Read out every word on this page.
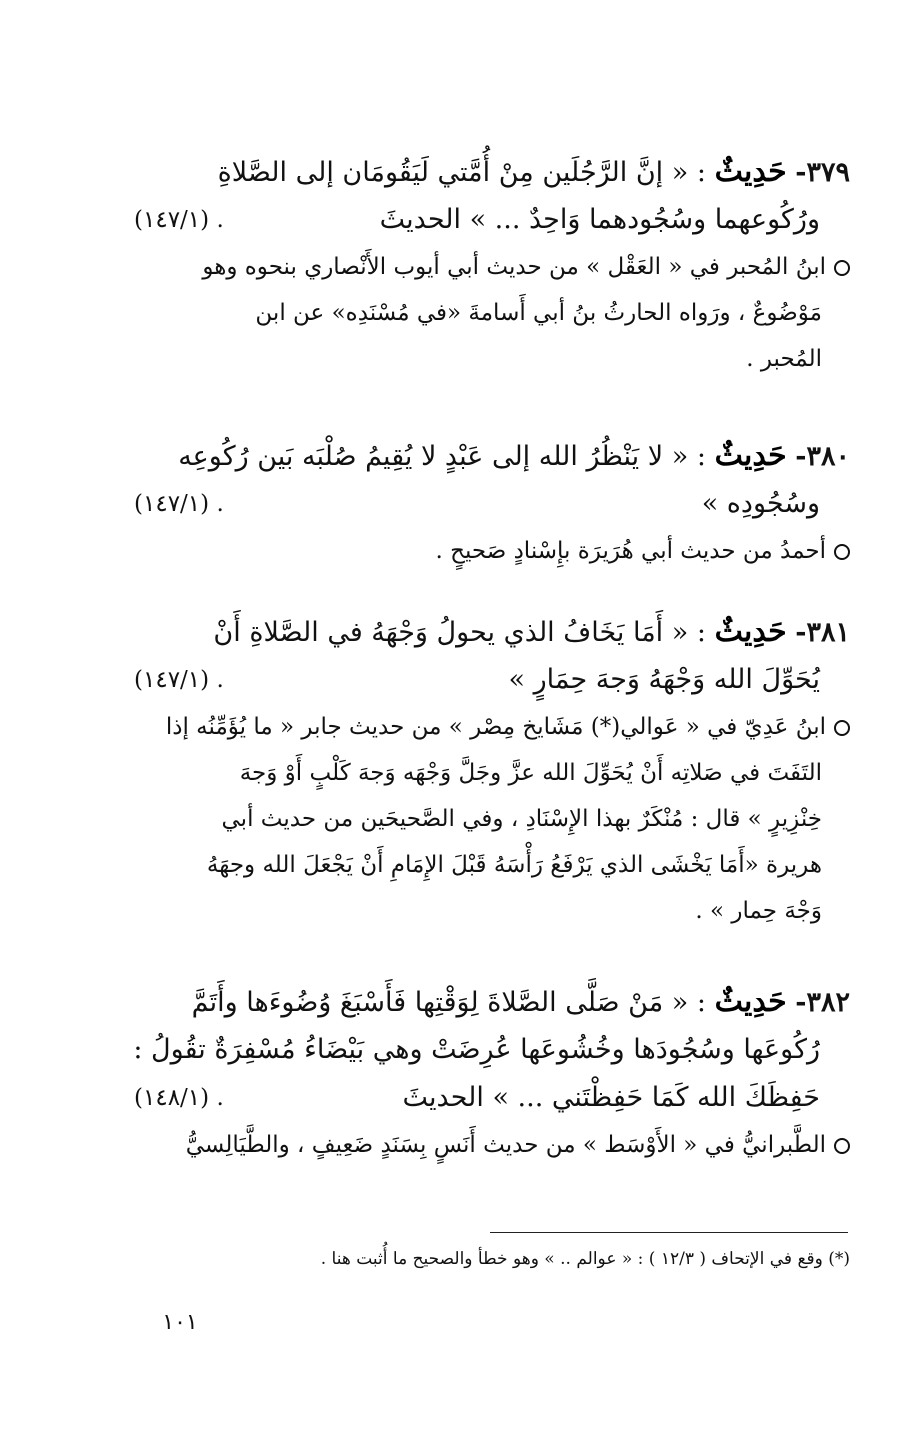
٣٧٩- حَدِيثٌ : « إنَّ الرَّجُلَين مِنْ أُمَّتي لَيَقُومَان إلى الصَّلاةِ
ورُكُوعهما وسُجُودهما وَاحِدٌ ... » الحديثَ
(١٤٧/١) .
ابنُ المُحبر في « العَقْل » من حديث أبي أيوب الأَنْصاري بنحوه وهو
مَوْضُوعٌ ، ورَواه الحارثُ بنُ أبي أَسامةَ «في مُسْنَدِه» عن ابن
المُحبر .
٣٨٠- حَدِيثٌ : « لا يَنْظُرُ الله إلى عَبْدٍ لا يُقِيمُ صُلْبَه بَين رُكُوعِه
وسُجُودِه »
(١٤٧/١) .
أحمدُ من حديث أبي هُرَيرَة بإِسْنادٍ صَحيحٍ .
٣٨١- حَدِيثٌ : « أَمَا يَخَافُ الذي يحولُ وَجْهَهُ في الصَّلاةِ أَنْ
يُحَوِّلَ الله وَجْهَهُ وَجهَ حِمَارٍ »
(١٤٧/١) .
ابنُ عَدِيّ في « عَوالي(*) مَشَايخ مِصْر » من حديث جابر « ما يُؤَمِّنُه إذا
التَفَتَ في صَلاتِه أَنْ يُحَوِّلَ الله عزَّ وجَلَّ وَجْهَه وَجهَ كَلْبٍ أَوْ وَجهَ
خِنْزِيرٍ » قال : مُنْكَرٌ بهذا الإِسْنَادِ ، وفي الصَّحيحَين من حديث أبي
هريرة «أَمَا يَخْشَى الذي يَرْفَعُ رَأْسَهُ قَبْلَ الإِمَامِ أَنْ يَجْعَلَ الله وجهَهُ
وَجْهَ حِمار » .
٣٨٢- حَدِيثٌ : « مَنْ صَلَّى الصَّلاةَ لِوَقْتِها فَأَسْبَغَ وُضُوءَها وأَتَمَّ
رُكُوعَها وسُجُودَها وخُشُوعَها عُرِضَتْ وهي بَيْضَاءُ مُسْفِرَةٌ تقُولُ :
حَفِظَكَ الله كَمَا حَفِظْتَني ... » الحديثَ
(١٤٨/١) .
الطَّبرانيُّ في « الأَوْسَط » من حديث أَنَسٍ بِسَنَدٍ ضَعِيفٍ ، والطَّيَالِسيُّ
(*) وقع في الإتحاف ( ١٢/٣ ) : « عوالم .. » وهو خطأ والصحيح ما أُثبت هنا .
١٠١
